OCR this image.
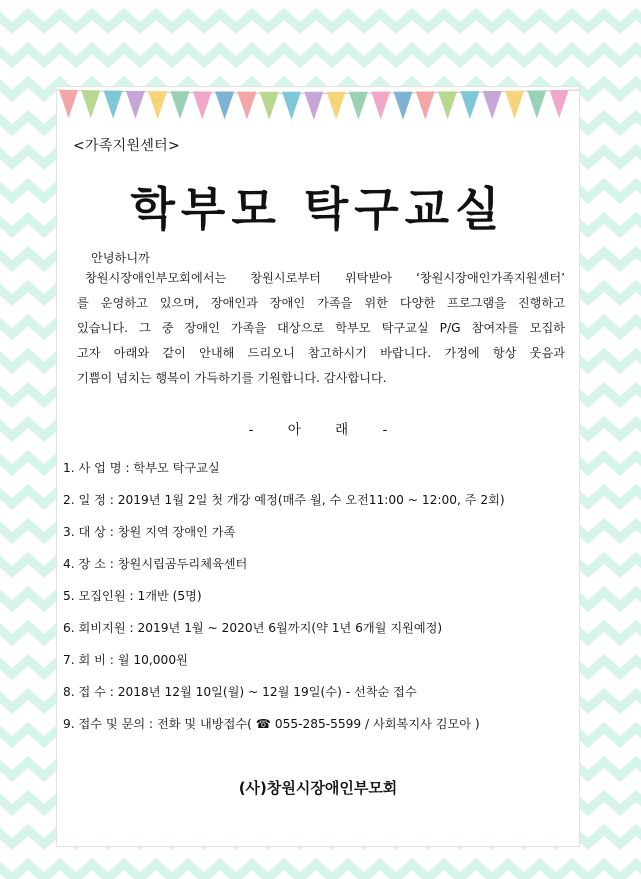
<가족지원센터>
학부모 탁구교실
안녕하니까
창원시장애인부모회에서는 창원시로부터 위탁받아 ‘창원시장애인가족지원센터’
를 운영하고 있으며, 장애인과 장애인 가족을 위한 다양한 프로그램을 진행하고
있습니다. 그 중 장애인 가족을 대상으로 학부모 탁구교실 P/G 참여자를 모집하
고자 아래와 같이 안내해 드리오니 참고하시기 바랍니다. 가정에 항상 웃음과
기쁨이 넘치는 행복이 가득하기를 기원합니다. 감사합니다.
-	아	래	-
1. 사 업 명 : 학부모 탁구교실
2. 일 정 : 2019년 1월 2일 첫 개강 예정(매주 월, 수 오전11:00 ~ 12:00, 주 2회)
3. 대 상 : 창원 지역 장애인 가족
4. 장 소 : 창원시립곰두리체육센터
5. 모집인원 : 1개반 (5명)
6. 회비지원 : 2019년 1월 ~ 2020년 6월까지(약 1년 6개월 지원예정)
7. 회 비 : 월 10,000원
8. 접 수 : 2018년 12월 10일(월) ~ 12월 19일(수) - 선착순 접수
9. 접수 및 문의 : 전화 및 내방접수( ☎ 055-285-5599 / 사회복지사 김모아 )
(사)창원시장애인부모회
